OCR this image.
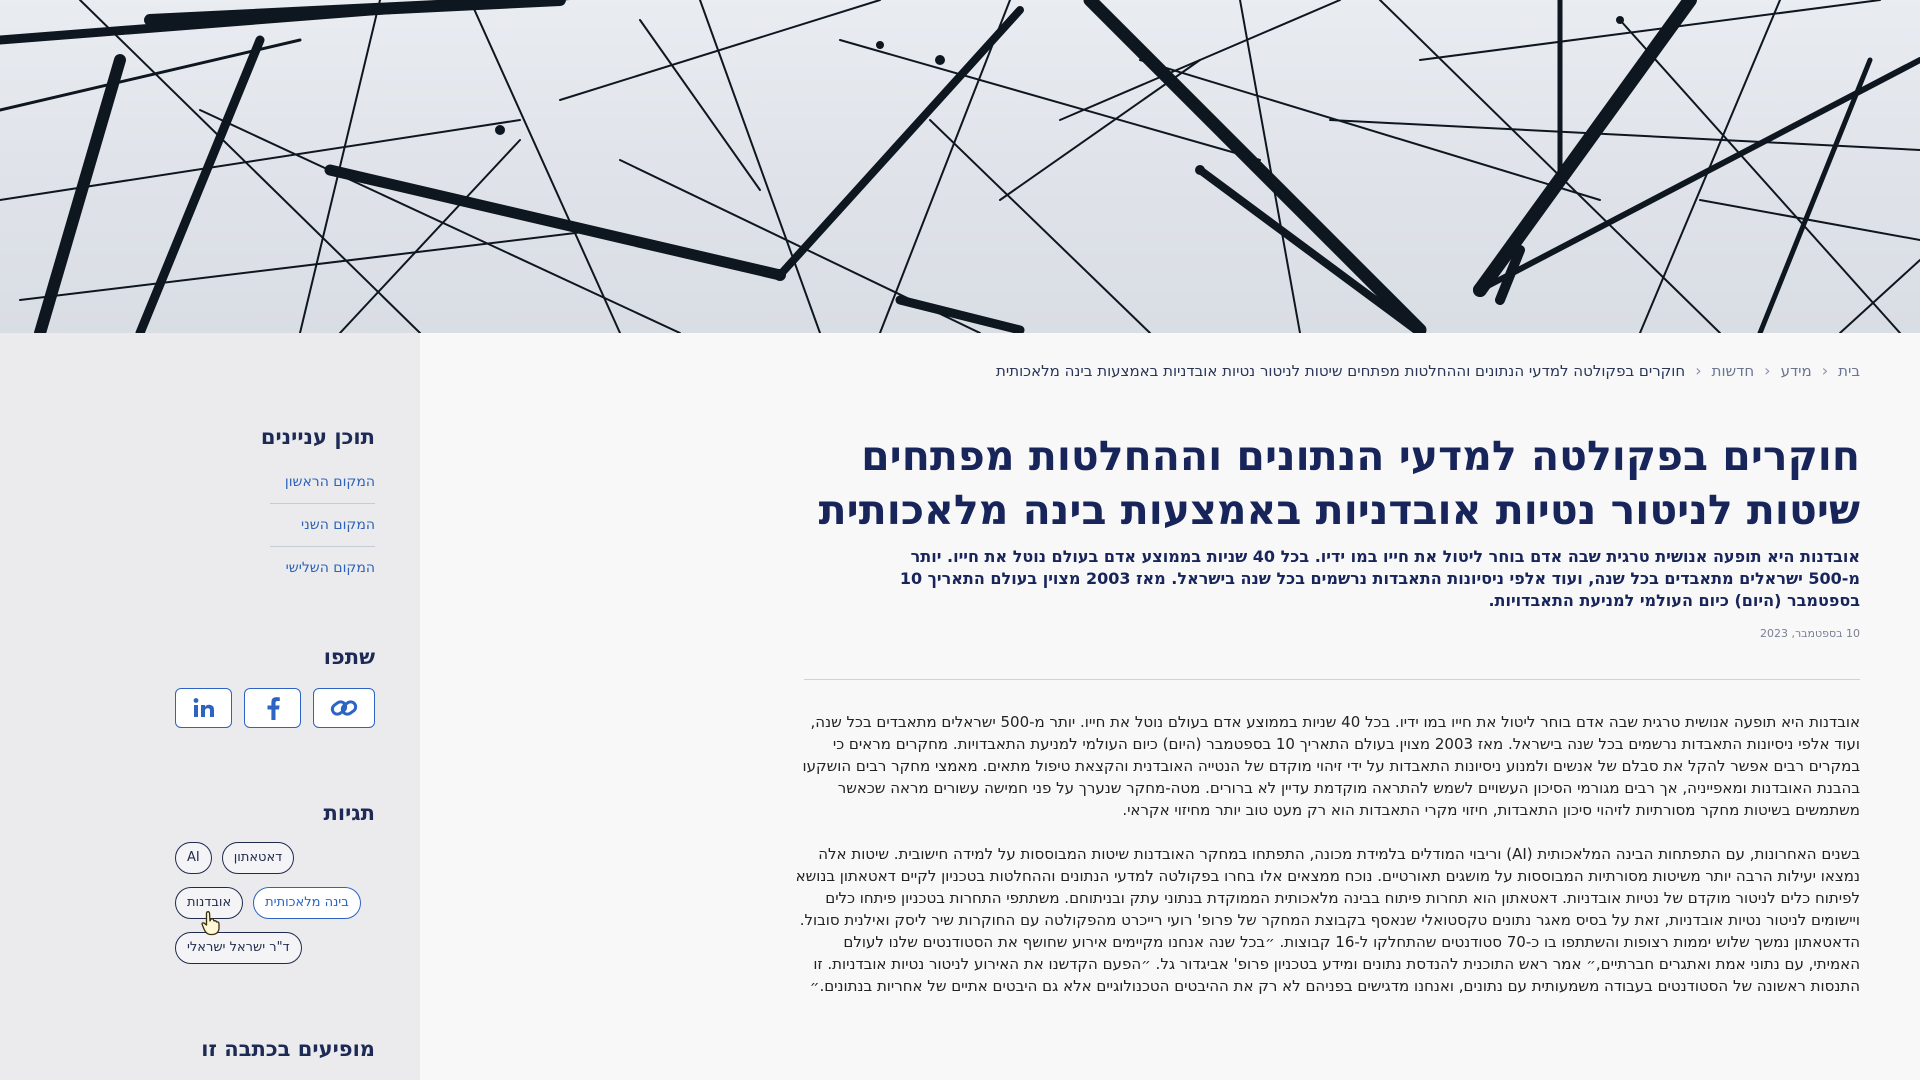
תוכן עניינים
המקום הראשון
המקום השני
המקום השלישי
שתפו
תגיות
AI	דאטאתון
אובדנות	בינה מלאכותית
ד"ר ישראל ישראלי
מופיעים בכתבה זו
בית
‹
מידע
‹
חדשות
‹
חוקרים בפקולטה למדעי הנתונים וההחלטות מפתחים שיטות לניטור נטיות אובדניות באמצעות בינה מלאכותית
חוקרים בפקולטה למדעי הנתונים וההחלטות מפתחים
שיטות לניטור נטיות אובדניות באמצעות בינה מלאכותית

אובדנות היא תופעה אנושית טרגית שבה אדם בוחר ליטול את חייו במו ידיו. בכל 40 שניות בממוצע אדם בעולם נוטל את חייו. יותר מ-500 ישראלים מתאבדים בכל שנה, ועוד אלפי ניסיונות התאבדות נרשמים בכל שנה בישראל. מאז 2003 מצוין בעולם התאריך 10 בספטמבר (היום) כיום העולמי למניעת התאבדויות.

10 בספטמבר, 2023

אובדנות היא תופעה אנושית טרגית שבה אדם בוחר ליטול את חייו במו ידיו. בכל 40 שניות בממוצע אדם בעולם נוטל את חייו. יותר מ-500 ישראלים מתאבדים בכל שנה, ועוד אלפי ניסיונות התאבדות נרשמים בכל שנה בישראל. מאז 2003 מצוין בעולם התאריך 10 בספטמבר (היום) כיום העולמי למניעת התאבדויות. מחקרים מראים כי במקרים רבים אפשר להקל את סבלם של אנשים ולמנוע ניסיונות התאבדות על ידי זיהוי מוקדם של הנטייה האובדנית והקצאת טיפול מתאים. מאמצי מחקר רבים הושקעו בהבנת האובדנות ומאפייניה, אך רבים מגורמי הסיכון העשויים לשמש להתראה מוקדמת עדיין לא ברורים. מטה-מחקר שנערך על פני חמישה עשורים מראה שכאשר משתמשים בשיטות מחקר מסורתיות לזיהוי סיכון התאבדות, חיזוי מקרי התאבדות הוא רק מעט טוב יותר מחיזוי אקראי.

בשנים האחרונות, עם התפתחות הבינה המלאכותית (AI) וריבוי המודלים בלמידת מכונה, התפתחו במחקר האובדנות שיטות המבוססות על למידה חישובית. שיטות אלה נמצאו יעילות הרבה יותר משיטות מסורתיות המבוססות על מושגים תאורטיים. נוכח ממצאים אלו בחרו בפקולטה למדעי הנתונים וההחלטות בטכניון לקיים דאטאתון בנושא לפיתוח כלים לניטור מוקדם של נטיות אובדניות. דאטאתון הוא תחרות פיתוח בבינה מלאכותית הממוקדת בנתוני עתק ובניתוחם. משתתפי התחרות בטכניון פיתחו כלים ויישומים לניטור נטיות אובדניות, זאת על בסיס מאגר נתונים טקסטואלי שנאסף בקבוצת המחקר של פרופ' רועי רייכרט מהפקולטה עם החוקרות שיר ליסק ואילנית סובול. הדאטאתון נמשך שלוש יממות רצופות והשתתפו בו כ-70 סטודנטים שהתחלקו ל-16 קבוצות. ״בכל שנה אנחנו מקיימים אירוע שחושף את הסטודנטים שלנו לעולם האמיתי, עם נתוני אמת ואתגרים חברתיים,״ אמר ראש התוכנית להנדסת נתונים ומידע בטכניון פרופ' אביגדור גל. ״הפעם הקדשנו את האירוע לניטור נטיות אובדניות. זו התנסות ראשונה של הסטודנטים בעבודה משמעותית עם נתונים, ואנחנו מדגישים בפניהם לא רק את ההיבטים הטכנולוגיים אלא גם היבטים אתיים של אחריות בנתונים.״
